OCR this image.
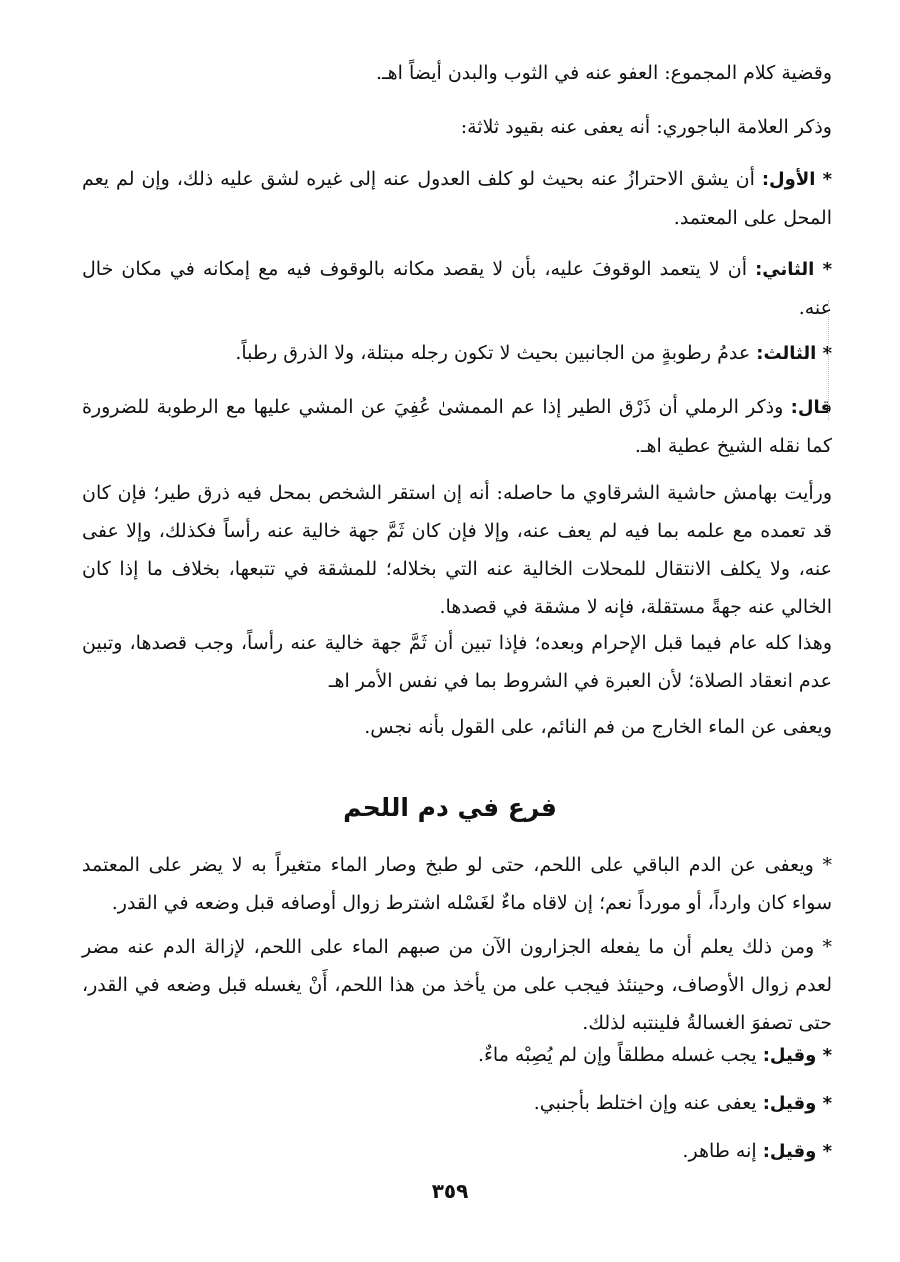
وقضية كلام المجموع: العفو عنه في الثوب والبدن أيضاً اهـ.

وذكر العلامة الباجوري: أنه يعفى عنه بقيود ثلاثة:

* الأول: أن يشق الاحترازُ عنه بحيث لو كلف العدول عنه إلى غيره لشق عليه ذلك، وإن لم يعم المحل على المعتمد.

* الثاني: أن لا يتعمد الوقوفَ عليه، بأن لا يقصد مكانه بالوقوف فيه مع إمكانه في مكان خال عنه.

* الثالث: عدمُ رطوبةٍ من الجانبين بحيث لا تكون رجله مبتلة، ولا الذرق رطباً.

قال: وذكر الرملي أن ذَرْق الطير إذا عم الممشىٰ عُفِيَ عن المشي عليها مع الرطوبة للضرورة كما نقله الشيخ عطية اهـ.

ورأيت بهامش حاشية الشرقاوي ما حاصله: أنه إن استقر الشخص بمحل فيه ذرق طير؛ فإن كان قد تعمده مع علمه بما فيه لم يعف عنه، وإلا فإن كان ثَمَّ جهة خالية عنه رأساً فكذلك، وإلا عفى عنه، ولا يكلف الانتقال للمحلات الخالية عنه التي بخلاله؛ للمشقة في تتبعها، بخلاف ما إذا كان الخالي عنه جهةً مستقلة، فإنه لا مشقة في قصدها.

وهذا كله عام فيما قبل الإحرام وبعده؛ فإذا تبين أن ثَمَّ جهة خالية عنه رأساً، وجب قصدها، وتبين عدم انعقاد الصلاة؛ لأن العبرة في الشروط بما في نفس الأمر اهـ

ويعفى عن الماء الخارج من فم النائم، على القول بأنه نجس.

فرع في دم اللحم

* ويعفى عن الدم الباقي على اللحم، حتى لو طبخ وصار الماء متغيراً به لا يضر على المعتمد سواء كان وارداً، أو مورداً نعم؛ إن لاقاه ماءٌ لغَسْله اشترط زوال أوصافه قبل وضعه في القدر.

* ومن ذلك يعلم أن ما يفعله الجزارون الآن من صبهم الماء على اللحم، لإزالة الدم عنه مضر لعدم زوال الأوصاف، وحينئذ فيجب على من يأخذ من هذا اللحم، أَنْ يغسله قبل وضعه في القدر، حتى تصفوَ الغسالةُ فلينتبه لذلك.

* وقيل: يجب غسله مطلقاً وإن لم يُصِبْه ماءٌ.

* وقيل: يعفى عنه وإن اختلط بأجنبي.

* وقيل: إنه طاهر.

٣٥٩
